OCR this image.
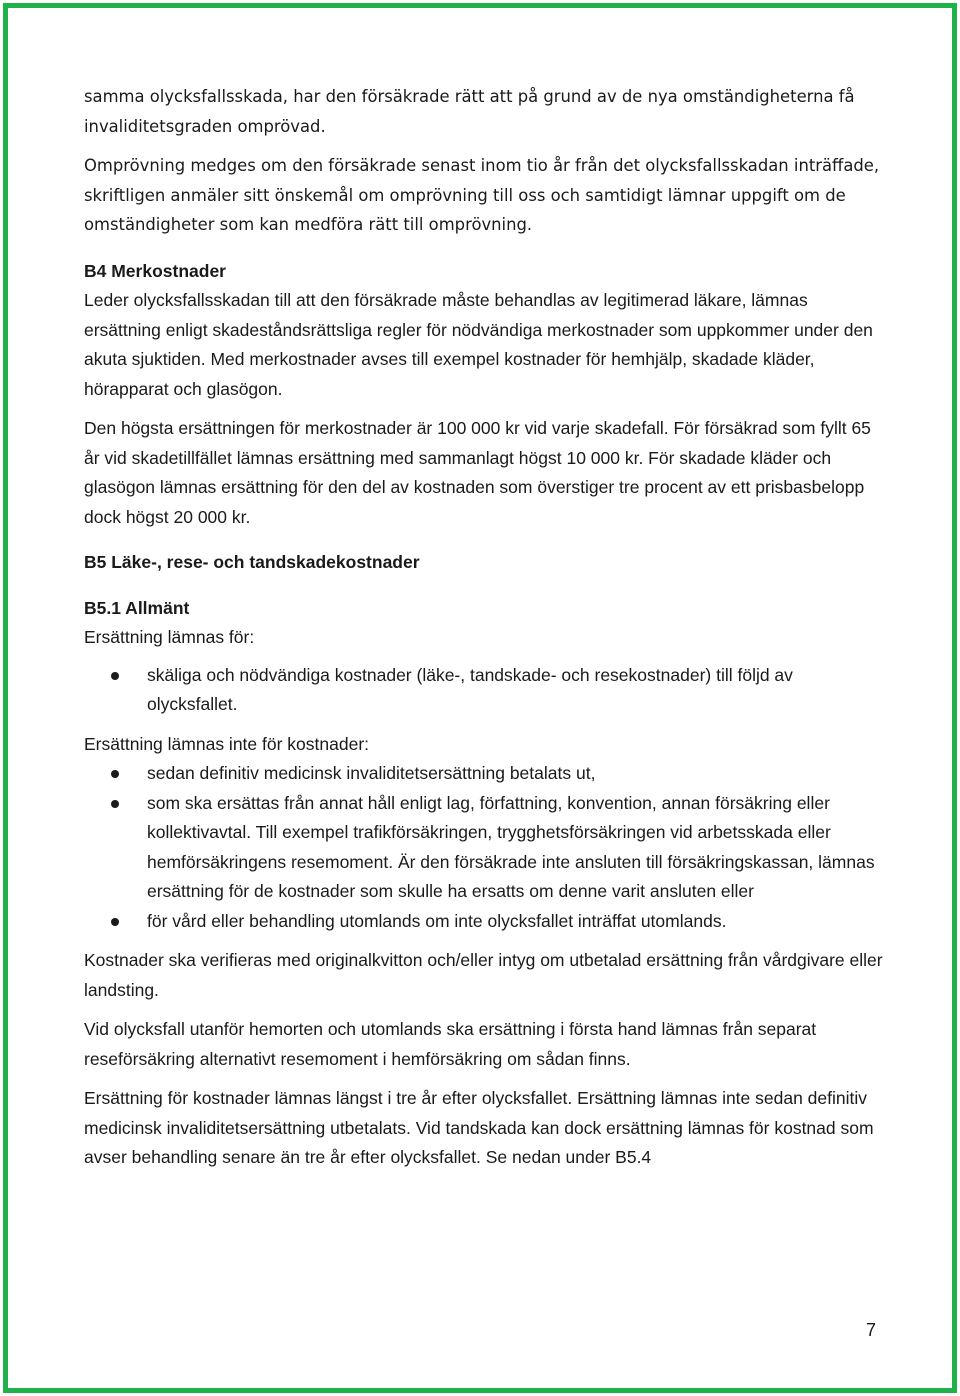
samma olycksfallsskada, har den försäkrade rätt att på grund av de nya omständigheterna få invaliditetsgraden omprövad.

Omprövning medges om den försäkrade senast inom tio år från det olycksfallsskadan inträffade, skriftligen anmäler sitt önskemål om omprövning till oss och samtidigt lämnar uppgift om de omständigheter som kan medföra rätt till omprövning.

B4 Merkostnader

Leder olycksfallsskadan till att den försäkrade måste behandlas av legitimerad läkare, lämnas ersättning enligt skadeståndsrättsliga regler för nödvändiga merkostnader som uppkommer under den akuta sjuktiden. Med merkostnader avses till exempel kostnader för hemhjälp, skadade kläder, hörapparat och glasögon.

Den högsta ersättningen för merkostnader är 100 000 kr vid varje skadefall. För försäkrad som fyllt 65 år vid skadetillfället lämnas ersättning med sammanlagt högst 10 000 kr. För skadade kläder och glasögon lämnas ersättning för den del av kostnaden som överstiger tre procent av ett prisbasbelopp dock högst 20 000 kr.

B5 Läke-, rese- och tandskadekostnader

B5.1 Allmänt

Ersättning lämnas för:

skäliga och nödvändiga kostnader (läke-, tandskade- och resekostnader) till följd av olycksfallet.

Ersättning lämnas inte för kostnader:

sedan definitiv medicinsk invaliditetsersättning betalats ut,
som ska ersättas från annat håll enligt lag, författning, konvention, annan försäkring eller kollektivavtal. Till exempel trafikförsäkringen, trygghetsförsäkringen vid arbetsskada eller hemförsäkringens resemoment. Är den försäkrade inte ansluten till försäkringskassan, lämnas ersättning för de kostnader som skulle ha ersatts om denne varit ansluten eller
för vård eller behandling utomlands om inte olycksfallet inträffat utomlands.

Kostnader ska verifieras med originalkvitton och/eller intyg om utbetalad ersättning från vårdgivare eller landsting.

Vid olycksfall utanför hemorten och utomlands ska ersättning i första hand lämnas från separat reseförsäkring alternativt resemoment i hemförsäkring om sådan finns.

Ersättning för kostnader lämnas längst i tre år efter olycksfallet. Ersättning lämnas inte sedan definitiv medicinsk invaliditetsersättning utbetalats. Vid tandskada kan dock ersättning lämnas för kostnad som avser behandling senare än tre år efter olycksfallet. Se nedan under B5.4

7
